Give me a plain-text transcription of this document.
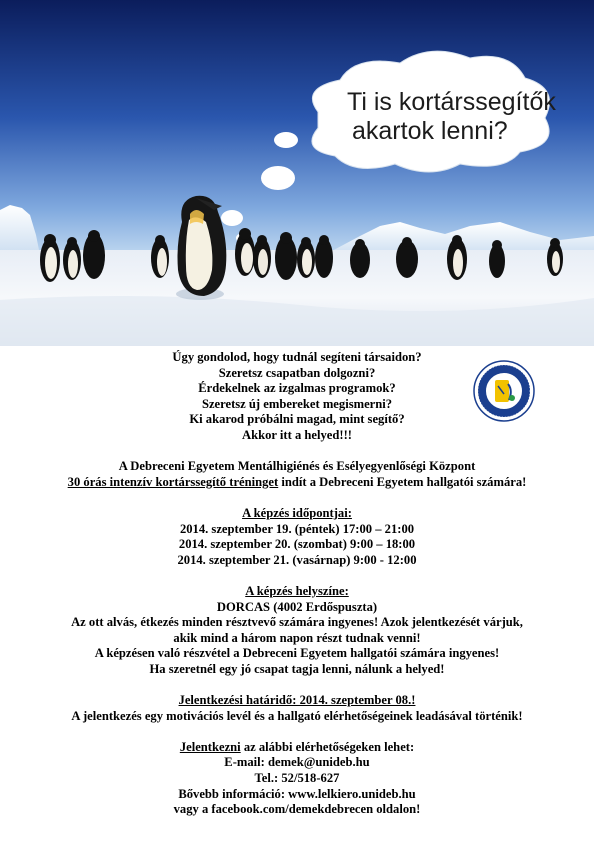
Ti is kortárssegítők
akartok lenni?

Úgy gondolod, hogy tudnál segíteni társaidon?

Szeretsz csapatban dolgozni?

Érdekelnek az izgalmas programok?

Szeretsz új embereket megismerni?

Ki akarod próbálni magad, mint segítő?

Akkor itt a helyed!!!

A Debreceni Egyetem Mentálhigiénés és Esélyegyenlőségi Központ

30 órás intenzív kortárssegítő tréninget indít a Debreceni Egyetem hallgatói számára!

A képzés időpontjai:

2014. szeptember 19. (péntek) 17:00 – 21:00

2014. szeptember 20. (szombat) 9:00 – 18:00

2014. szeptember 21. (vasárnap) 9:00 - 12:00

A képzés helyszíne:

DORCAS (4002 Erdőspuszta)

Az ott alvás, étkezés minden résztvevő számára ingyenes! Azok jelentkezését várjuk,

akik mind a három napon részt tudnak venni!

A képzésen való részvétel a Debreceni Egyetem hallgatói számára ingyenes!

Ha szeretnél egy jó csapat tagja lenni, nálunk a helyed!

Jelentkezési határidő: 2014. szeptember 08.!

A jelentkezés egy motivációs levél és a hallgató elérhetőségeinek leadásával történik!

Jelentkezni az alábbi elérhetőségeken lehet:

E-mail: demek@unideb.hu

Tel.: 52/518-627

Bővebb információ: www.lelkiero.unideb.hu

vagy a facebook.com/demekdebrecen oldalon!
